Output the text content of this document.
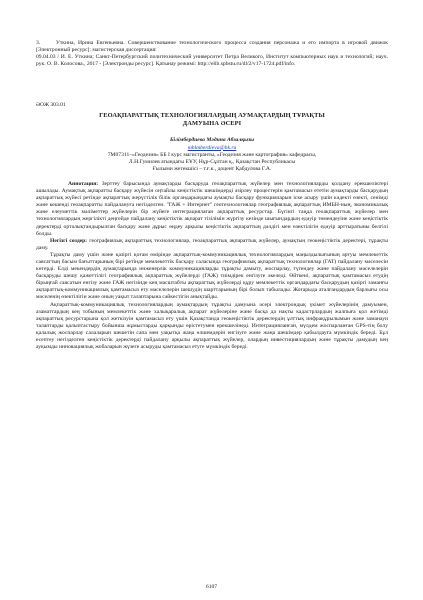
3.	Уткина, Ирина Евгеньевна. Совершенствование технологического процесса создания персонажа и его импорта в игровой движок [Электронный ресурс]: магистерская диссертация:

09.04.03 / И. Е. Уткина; Санкт-Петербургский политехнический университет Петра Великого, Институт компьютерных наук и технологий; науч. рук. О. В. Колосова., 2017 - [Электронды ресурс]. Қатынау режимі: http://elib.spbstu.ru/dl/2/v17-1724.pdf/info.

ӘОЖ 303.01
ГЕОАҚПАРАТТЫҚ ТЕХНОЛОГИЯЛАРДЫҢ АУМАҚТАРДЫҢ ТҰРАҚТЫ
ДАМУЫНА ӘСЕРІ
Білімбердиева Мәдина Абзалқызы
mblmberdieva@bk.ru
7М07311–«Геодезия» ББ І курс магистранты, «Геодезия және картография» кафедрасы,
Л.Н.Гумилев атындағы ЕҰУ, Нұр-Сұлтан қ., Қазақстан Республикасы
Ғылыми жетекшісі – т.ғ.к., доцент Қабдулова Г.А.

Аннотация: Зерттеу барысында аумақтарды басқаруда геоақпараттық жүйелер мен технологияларды қолдану ерекшеліктері ашылады. Аумақтық ақпаратты басқару жүйесін оңтайлы кеңістіктік шешімдерді әзірлеу процестерін қамтамасыз ететін аумақтарды басқарудың ақпараттық жүйесі ретінде ақпараттық жерүстілік білік органдарындағы аумақты басқару функцияларын іске асыру үшін кәдекті өзекті, сенімді және кешенді геоақпаратты пайдалануға негізделген. "ГАЖ + Интернет" геотехнологиялар географиялық ақпараттық ИМБН-ның, экономикалық және елеуметтік мәліметтер жүйелерін бір жүйеге интеграциялаған ақпараттық ресурстар. Бүгінгі таңда геоақпараттық жүйелер мен технологиялардың жергілікті деңгейде пайдалану кеңістіктік ақпарат тізілімін жүргізу кезінде шығындардың едәуір төмендеуіне және кеңістіктік деректерді орталықтандырылған басқару және дұрыс өңдеу арқылы кеңістіктік ақпараттың дәлдігі мен өзектілігін едәуір арттыратыны белгілі болды.

Негізгі сөздер: географиялық ақпараттық технологиялар, геоақпараттық ақпараттық жүйелер, аумақтың геокеңістіктік деректері, тұрақты даму.

Тұрақты даму үшін және қазіргі қоғам өмірінде ақпараттық-коммуникациялық технологиялардың маңыздылығының артуы мемлекеттік саясаттың басым бағыттарының бірі ретінде мемлекеттік басқару саласында географиялық ақпараттық технологиялар (ГАТ) пайдалану мәселесін көтерді. Елді мекендердің аумақтарында инженерлік коммуникацияларды тұрақты дамыту, жоспарлау, түгендеу және пайдалану мәселелерін басқаруды шешу қажеттілігі географиялық ақпараттық жүйелерді (ГАЖ) тиімдірек енгізуге әкеледі. Өйткені, ақпараттық қамтамасыз етудің бірыңғай саясатын енгізу және ГАЖ негізінде кең масштабты ақпараттық жүйелерді құру мемлекеттік органдардағы басқарудың қазіргі заманғы ақпараттық-коммуникациялық қамтамасыз ету мәселелерін шешудің шарттарының бірі болып табылады. Жоғарыда аталғандардың барлығы осы мәселенің өзектілігін және оның уақыт талаптарына сәйкестігін анықтайды.

Ақпараттық-коммуникациялық технологиялардың аумақтардың тұрақты дамуына әсері электрондық үкімет жүйелерінің дамуымен, азаматтардың кең тобының мемлекеттік және халықаралық ақпарат жүйелеріне және басқа да нақты кадастрлардың жалпыға қол жетімді ақпараттық ресурстарына қол жеткізуін қамтамасыз ету үшін Қазақстанда геокеңістіктік деректердің ұлттық инфрақұрылымын және заманауи талаптарды қалыптастыру бойынша жұмыстарды қарқынды өрістетумен ерекшелінеді. Интеграцияланған, мүлдем жоспарланған GPS-тің болу қалалық жоспарлау салаларын шешетін сапа мен уақытқа жаңа өлшемдерін енгізуге және жаңа шешімдер қабылдауға мүмкіндік береді. Бұл есептеу негізделген кеңістіктік деректерді пайдалану арқылы ақпараттық жүйелер, олардың инвестициялардың және тұрақты дамудың кең ауқымды инновациялық жобаларын жүзеге асыруды қамтамасыз етуге мүмкіндік береді.

6107
